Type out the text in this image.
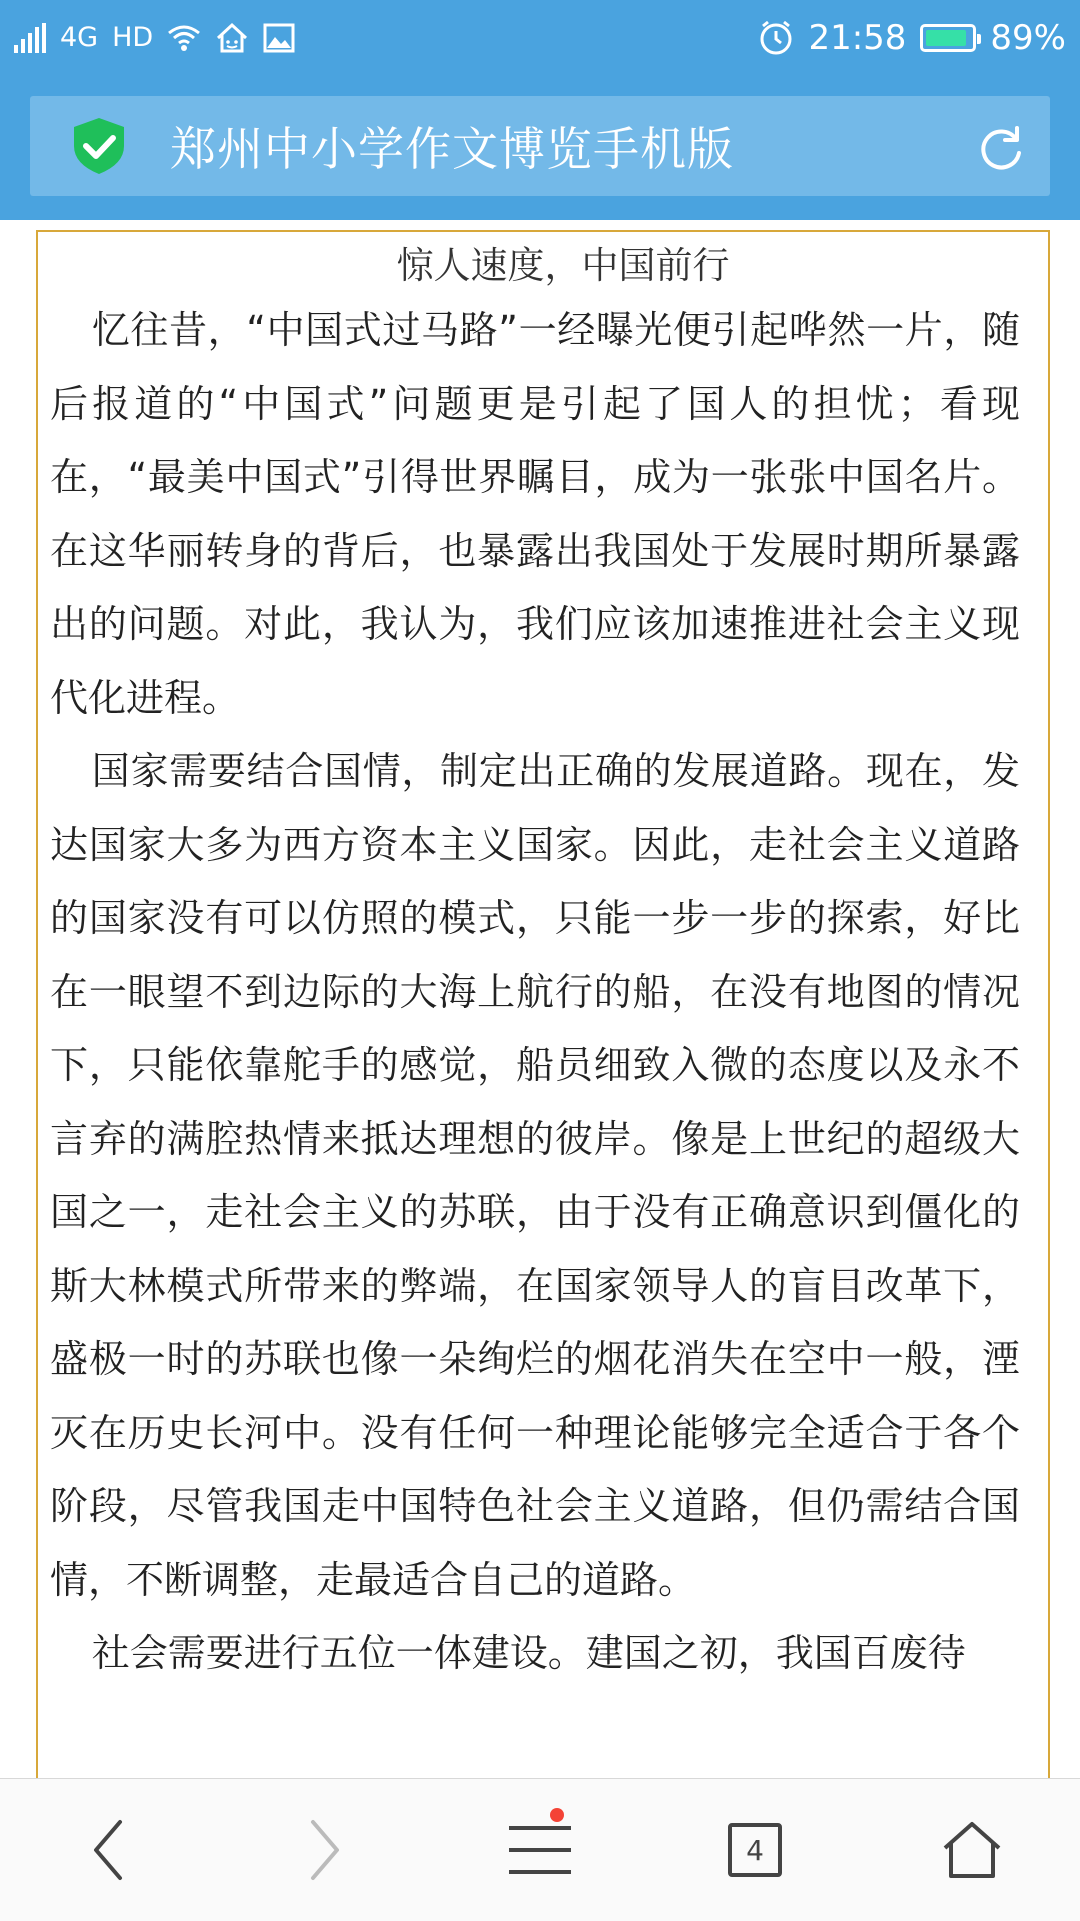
4G HD	21:58 89%
郑州中小学作文博览手机版
惊人速度，中国前行

忆往昔，“中国式过马路”一经曝光便引起哗然一片，随后报道的“中国式”问题更是引起了国人的担忧；看现在，“最美中国式”引得世界瞩目，成为一张张中国名片。在这华丽转身的背后，也暴露出我国处于发展时期所暴露出的问题。对此，我认为，我们应该加速推进社会主义现代化进程。

国家需要结合国情，制定出正确的发展道路。现在，发达国家大多为西方资本主义国家。因此，走社会主义道路的国家没有可以仿照的模式，只能一步一步的探索，好比在一眼望不到边际的大海上航行的船，在没有地图的情况下，只能依靠舵手的感觉，船员细致入微的态度以及永不言弃的满腔热情来抵达理想的彼岸。像是上世纪的超级大国之一，走社会主义的苏联，由于没有正确意识到僵化的斯大林模式所带来的弊端，在国家领导人的盲目改革下，盛极一时的苏联也像一朵绚烂的烟花消失在空中一般，湮灭在历史长河中。没有任何一种理论能够完全适合于各个阶段，尽管我国走中国特色社会主义道路，但仍需结合国情，不断调整，走最适合自己的道路。

社会需要进行五位一体建设。建国之初，我国百废待

4
